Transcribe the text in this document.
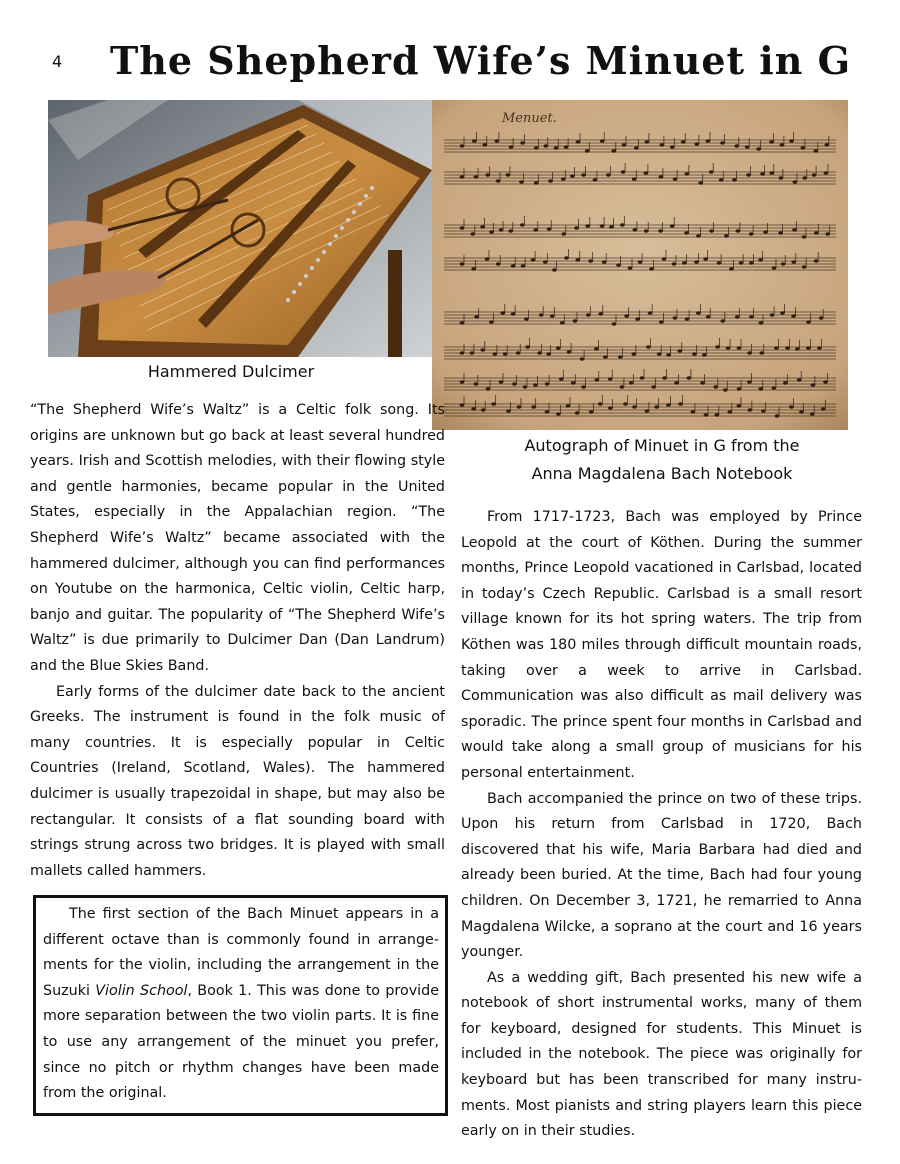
4 The Shepherd Wife’s Minuet in G
Hammered Dulcimer
Menuet.
Autograph of Minuet in G from the
Anna Magdalena Bach Notebook

“The Shepherd Wife’s Waltz” is a Celtic folk song. Its origins are unknown but go back at least several hundred years. Irish and Scottish melodies, with their flowing style and gentle harmonies, became popular in the United States, especially in the Appalachian region. “The Shepherd Wife’s Waltz” became associated with the hammered dulcimer, although you can find performances on Youtube on the harmonica, Celtic violin, Celtic harp, banjo and guitar. The popularity of “The Shepherd Wife’s Waltz” is due primarily to Dulcimer Dan (Dan Landrum) and the Blue Skies Band.

Early forms of the dulcimer date back to the ancient Greeks. The instrument is found in the folk music of many countries. It is especially popular in Celtic Countries (Ireland, Scotland, Wales). The hammered dulcimer is usually trapezoidal in shape, but may also be rectangular. It consists of a flat sounding board with strings strung across two bridges. It is played with small mallets called hammers.

The first section of the Bach Minuet appears in a different octave than is commonly found in arrange-ments for the violin, including the arrangement in the Suzuki Violin School, Book 1. This was done to provide more separation between the two violin parts. It is fine to use any arrangement of the minuet you prefer, since no pitch or rhythm changes have been made from the original.

From 1717-1723, Bach was employed by Prince Leopold at the court of Köthen. During the summer months, Prince Leopold vacationed in Carlsbad, located in today’s Czech Republic. Carlsbad is a small resort village known for its hot spring waters. The trip from Köthen was 180 miles through difficult mountain roads, taking over a week to arrive in Carlsbad. Communication was also difficult as mail delivery was sporadic. The prince spent four months in Carlsbad and would take along a small group of musicians for his personal entertainment.

Bach accompanied the prince on two of these trips. Upon his return from Carlsbad in 1720, Bach discovered that his wife, Maria Barbara had died and already been buried. At the time, Bach had four young children. On December 3, 1721, he remarried to Anna Magdalena Wilcke, a soprano at the court and 16 years younger.

As a wedding gift, Bach presented his new wife a notebook of short instrumental works, many of them for keyboard, designed for students. This Minuet is included in the notebook. The piece was originally for keyboard but has been transcribed for many instru-ments. Most pianists and string players learn this piece early on in their studies.
